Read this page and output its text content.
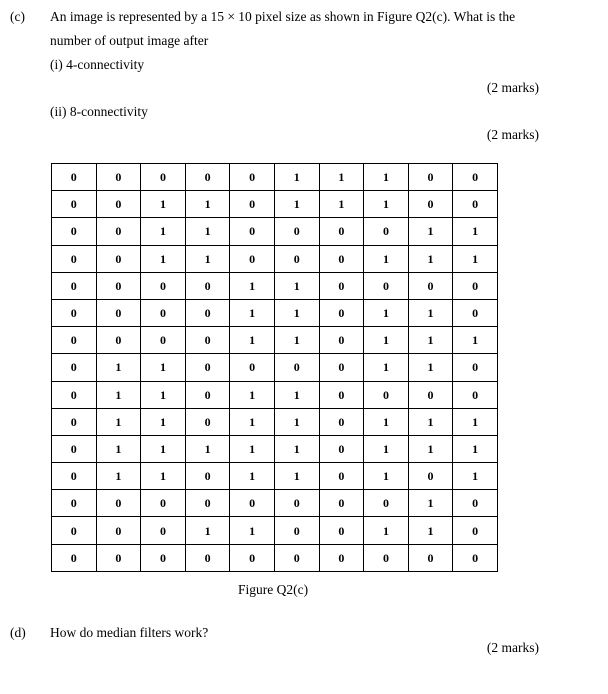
(c) An image is represented by a 15 × 10 pixel size as shown in Figure Q2(c). What is the
number of output image after
(i) 4-connectivity
(2 marks)
(ii) 8-connectivity
(2 marks)
0	0	0	0	0	1	1	1	0	0
0	0	1	1	0	1	1	1	0	0
0	0	1	1	0	0	0	0	1	1
0	0	1	1	0	0	0	1	1	1
0	0	0	0	1	1	0	0	0	0
0	0	0	0	1	1	0	1	1	0
0	0	0	0	1	1	0	1	1	1
0	1	1	0	0	0	0	1	1	0
0	1	1	0	1	1	0	0	0	0
0	1	1	0	1	1	0	1	1	1
0	1	1	1	1	1	0	1	1	1
0	1	1	0	1	1	0	1	0	1
0	0	0	0	0	0	0	0	1	0
0	0	0	1	1	0	0	1	1	0
0	0	0	0	0	0	0	0	0	0
Figure Q2(c)
(d) How do median filters work?
(2 marks)
